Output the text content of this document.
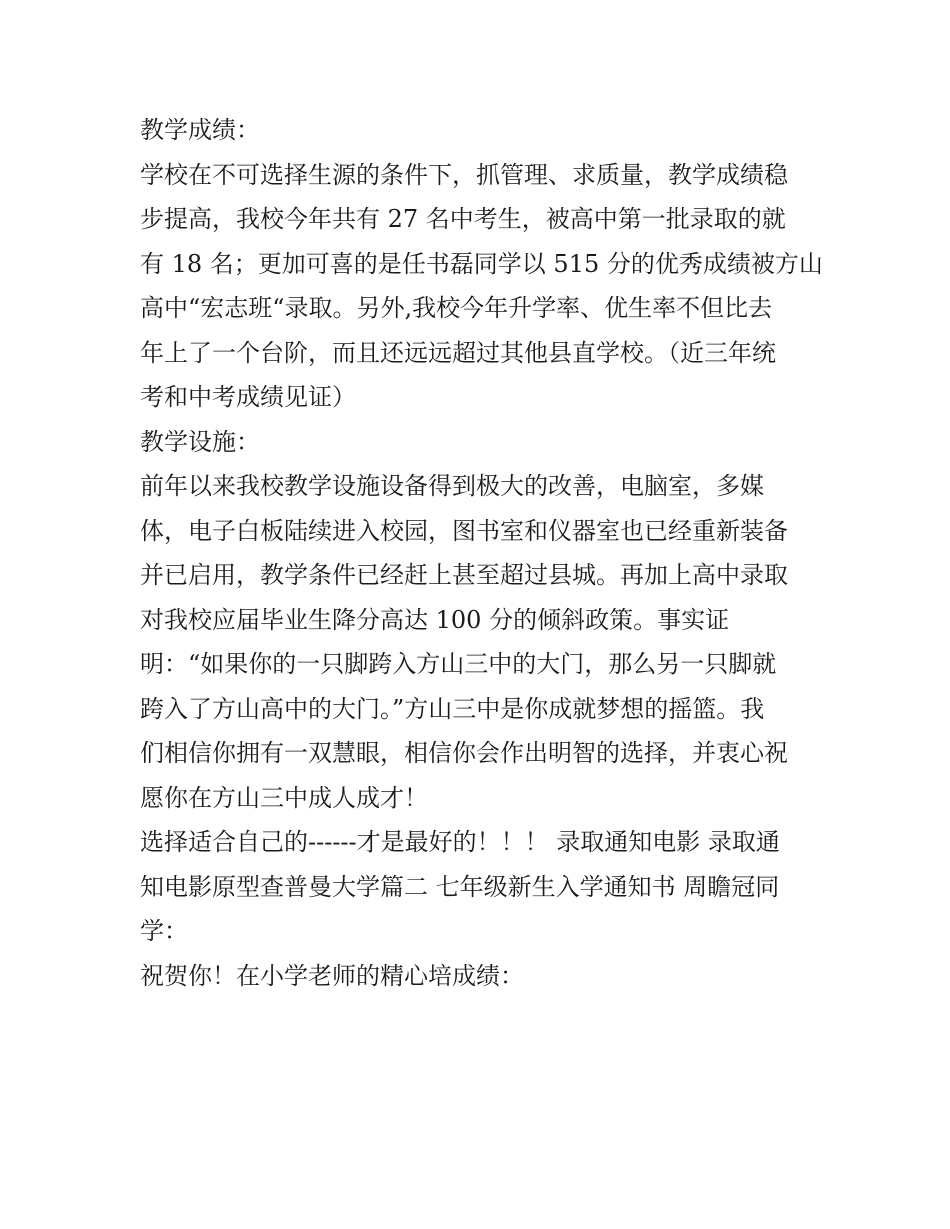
教学成绩：
学校在不可选择生源的条件下，抓管理、求质量，教学成绩稳
步提高，我校今年共有 27 名中考生，被高中第一批录取的就
有 18 名；更加可喜的是任书磊同学以 515 分的优秀成绩被方山
高中“宏志班“录取。另外,我校今年升学率、优生率不但比去
年上了一个台阶，而且还远远超过其他县直学校。（近三年统
考和中考成绩见证）
教学设施：
前年以来我校教学设施设备得到极大的改善，电脑室，多媒
体，电子白板陆续进入校园，图书室和仪器室也已经重新装备
并已启用，教学条件已经赶上甚至超过县城。再加上高中录取
对我校应届毕业生降分高达 100 分的倾斜政策。事实证
明：“如果你的一只脚跨入方山三中的大门，那么另一只脚就
跨入了方山高中的大门。”方山三中是你成就梦想的摇篮。我
们相信你拥有一双慧眼，相信你会作出明智的选择，并衷心祝
愿你在方山三中成人成才！
选择适合自己的------才是最好的！！！ 录取通知电影 录取通
知电影原型查普曼大学篇二 七年级新生入学通知书 周瞻冠同
学：
祝贺你！在小学老师的精心培成绩：
